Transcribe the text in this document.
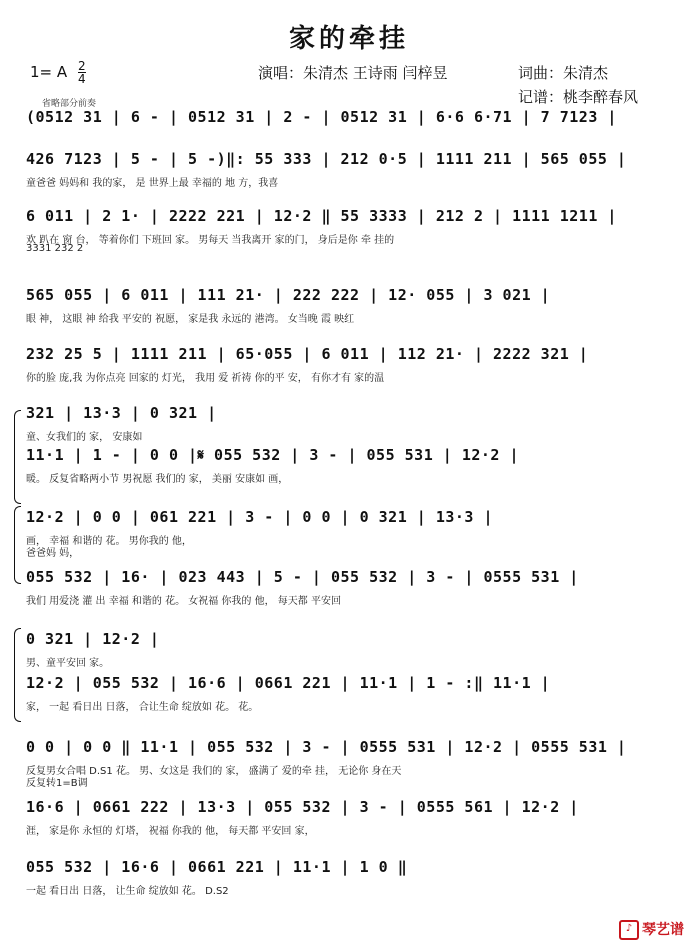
家的牵挂
1= A $\frac{2}{4}$	演唱：朱清杰 王诗雨 闫梓昱	词曲：朱清杰
记谱：桃李醉春风
省略部分前奏
(0512 31 | 6 - | 0512 31 | 2 - | 0512 31 | 6·6 6·71 | 7 7123 |
426 7123 | 5 - | 5 -)‖: 55 333 | 212 0·5 | 1111 211 | 565 055 |
童爸爸 妈妈和 我的家， 是 世界上最 幸福的 地 方，我喜
6 011 | 2 1· | 2222 221 | 12·2 ‖ 55 3333 | 212 2 | 1111 1211 |
欢 趴在 窗 台， 等着你们 下班回 家。 男每天 当我离开 家的门， 身后是你 牵 挂的
3331 232 2
565 055 | 6 011 | 111 21· | 222 222 | 12· 055 | 3 021 |
眼 神， 这眼 神 给我 平安的 祝愿， 家是我 永远的 港湾。 女当晚 霞 映红
232 25 5 | 1111 211 | 65·055 | 6 011 | 112 21· | 2222 321 |
你的脸 庞,我 为你点亮 回家的 灯光， 我用 爱 祈祷 你的平 安， 有你才有 家的温
321 | 13·3 | 0 321 |
童、女我们的 家， 安康如
11·1 | 1 - | 0 0 |𝄋 055 532 | 3 - | 055 531 | 12·2 |
暖。 反复省略两小节 男祝愿 我们的 家， 美丽 安康如 画，
12·2 | 0 0 | 061 221 | 3 - | 0 0 | 0 321 | 13·3 |
画， 幸福 和谐的 花。 男你我的 他，
爸爸妈 妈，
055 532 | 16· | 023 443 | 5 - | 055 532 | 3 - | 0555 531 |
我们 用爱浇 灌 出 幸福 和谐的 花。 女祝福 你我的 他， 每天都 平安回
0 321 | 12·2 |
男、童平安回 家。
12·2 | 055 532 | 16·6 | 0661 221 | 11·1 | 1 - :‖ 11·1 |
家， 一起 看日出 日落， 合让生命 绽放如 花。 花。
0 0 | 0 0 ‖ 11·1 | 055 532 | 3 - | 0555 531 | 12·2 | 0555 531 |
反复男女合唱 D.S1 花。 男、女这是 我们的 家， 盛满了 爱的牵 挂， 无论你 身在天
反复转1=B调
16·6 | 0661 222 | 13·3 | 055 532 | 3 - | 0555 561 | 12·2 |
涯， 家是你 永恒的 灯塔， 祝福 你我的 他， 每天都 平安回 家，
055 532 | 16·6 | 0661 221 | 11·1 | 1 0 ‖
一起 看日出 日落， 让生命 绽放如 花。 D.S2
♪ 琴艺谱
